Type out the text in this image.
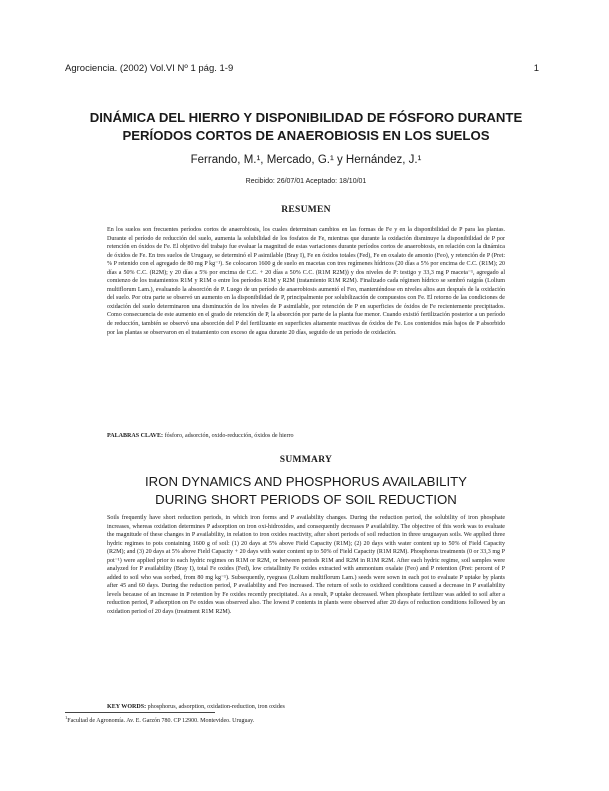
Agrociencia. (2002) Vol.VI Nº 1 pág. 1-9	1
DINÁMICA DEL HIERRO Y DISPONIBILIDAD DE FÓSFORO DURANTE
PERÍODOS CORTOS DE ANAEROBIOSIS EN LOS SUELOS
Ferrando, M.¹, Mercado, G.¹ y Hernández, J.¹
Recibido: 26/07/01 Aceptado: 18/10/01
RESUMEN

En los suelos son frecuentes períodos cortos de anaerobiosis, los cuales determinan cambios en las formas de Fe y en la disponibilidad de P para las plantas. Durante el período de reducción del suelo, aumenta la solubilidad de los fosfatos de Fe, mientras que durante la oxidación disminuye la disponibilidad de P por retención en óxidos de Fe. El objetivo del trabajo fue evaluar la magnitud de estas variaciones durante períodos cortos de anaerobiosis, en relación con la dinámica de óxidos de Fe. En tres suelos de Uruguay, se determinó el P asimilable (Bray I), Fe en óxidos totales (Fed), Fe en oxalato de amonio (Feo), y retención de P (Pret: % P retenido con el agregado de 80 mg P kg⁻¹). Se colocaron 1600 g de suelo en macetas con tres regímenes hídricos (20 días a 5% por encima de C.C. (R1M); 20 días a 50% C.C. (R2M); y 20 días a 5% por encima de C.C. + 20 días a 50% C.C. (R1M R2M)) y dos niveles de P: testigo y 33,3 mg P maceta⁻¹, agregado al comienzo de los tratamientos R1M y R1M o entre los períodos R1M y R2M (tratamiento R1M R2M). Finalizado cada régimen hídrico se sembró raigrás (Lolium multiflorum Lam.), evaluando la absorción de P. Luego de un período de anaerobiosis aumentó el Feo, manteniéndose en niveles altos aun después de la oxidación del suelo. Por otra parte se observó un aumento en la disponibilidad de P, principalmente por solubilización de compuestos con Fe. El retorno de las condiciones de oxidación del suelo determinaron una disminución de los niveles de P asimilable, por retención de P en superficies de óxidos de Fe recientemente precipitados. Como consecuencia de este aumento en el grado de retención de P, la absorción por parte de la planta fue menor. Cuando existió fertilización posterior a un período de reducción, también se observó una absorción del P del fertilizante en superficies altamente reactivas de óxidos de Fe. Los contenidos más bajos de P absorbido por las plantas se observaron en el tratamiento con exceso de agua durante 20 días, seguido de un período de oxidación.

PALABRAS CLAVE: fósforo, adsorción, oxido-reducción, óxidos de hierro

SUMMARY
IRON DYNAMICS AND PHOSPHORUS AVAILABILITY
DURING SHORT PERIODS OF SOIL REDUCTION

Soils frequently have short reduction periods, in which iron forms and P availability changes. During the reduction period, the solubility of iron phosphate increases, whereas oxidation determines P adsorption on iron oxi-hidroxides, and consequently decreases P availability. The objective of this work was to evaluate the magnitude of these changes in P availability, in relation to iron oxides reactivity, after short periods of soil reduction in three uruguayan soils. We applied three hydric regimes to pots containing 1600 g of soil: (1) 20 days at 5% above Field Capacity (R1M); (2) 20 days with water content up to 50% of Field Capacity (R2M); and (3) 20 days at 5% above Field Capacity + 20 days with water content up to 50% of Field Capacity (R1M R2M). Phosphorus treatments (0 or 33,3 mg P pot⁻¹) were applied prior to each hydric regimes on R1M or R2M, or between periods R1M and R2M in R1M R2M. After each hydric regime, soil samples were analyzed for P availability (Bray I), total Fe oxides (Fed), low cristallinity Fe oxides extracted with ammonium oxalate (Feo) and P retention (Pret: percent of P added to soil who was sorbed, from 80 mg kg⁻¹). Subsequently, ryegrass (Lolium multiflorum Lam.) seeds were sown in each pot to evaluate P uptake by plants after 45 and 60 days. During the reduction period, P availability and Feo increased. The return of soils to oxidized conditions caused a decrease in P availability levels because of an increase in P retention by Fe oxides recently precipitated. As a result, P uptake decreased. When phosphate fertilizer was added to soil after a reduction period, P adsorption on Fe oxides was observed also. The lowest P contents in plants were observed after 20 days of reduction conditions followed by an oxidation period of 20 days (treatment R1M R2M).

KEY WORDS: phosphorus, adsorption, oxidation-reduction, iron oxides

$^1$Facultad de Agronomía. Av. E. Garzón 780. CP 12900. Montevideo. Uruguay.
